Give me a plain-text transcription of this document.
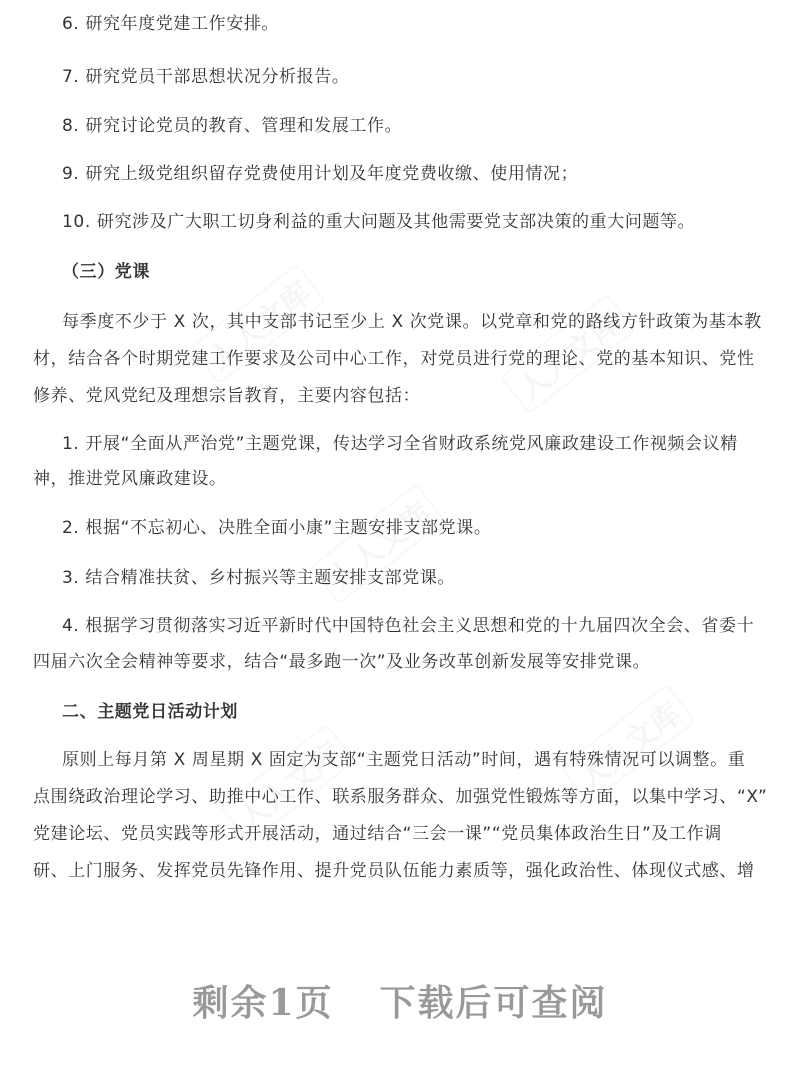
人人文库	人人文库
人人文库
人人文库
人人文库
6. 研究年度党建工作安排。
7. 研究党员干部思想状况分析报告。
8. 研究讨论党员的教育、管理和发展工作。
9. 研究上级党组织留存党费使用计划及年度党费收缴、使用情况；
10. 研究涉及广大职工切身利益的重大问题及其他需要党支部决策的重大问题等。
（三）党课
每季度不少于 X 次，其中支部书记至少上 X 次党课。以党章和党的路线方针政策为基本教
材，结合各个时期党建工作要求及公司中心工作，对党员进行党的理论、党的基本知识、党性
修养、党风党纪及理想宗旨教育，主要内容包括：
1. 开展“全面从严治党”主题党课，传达学习全省财政系统党风廉政建设工作视频会议精
神，推进党风廉政建设。
2. 根据“不忘初心、决胜全面小康”主题安排支部党课。
3. 结合精准扶贫、乡村振兴等主题安排支部党课。
4. 根据学习贯彻落实习近平新时代中国特色社会主义思想和党的十九届四次全会、省委十
四届六次全会精神等要求，结合“最多跑一次”及业务改革创新发展等安排党课。
二、主题党日活动计划
原则上每月第 X 周星期 X 固定为支部“主题党日活动”时间，遇有特殊情况可以调整。重
点围绕政治理论学习、助推中心工作、联系服务群众、加强党性锻炼等方面，以集中学习、“X”
党建论坛、党员实践等形式开展活动，通过结合“三会一课”“党员集体政治生日”及工作调
研、上门服务、发挥党员先锋作用、提升党员队伍能力素质等，强化政治性、体现仪式感、增
剩余1页 下载后可查阅
